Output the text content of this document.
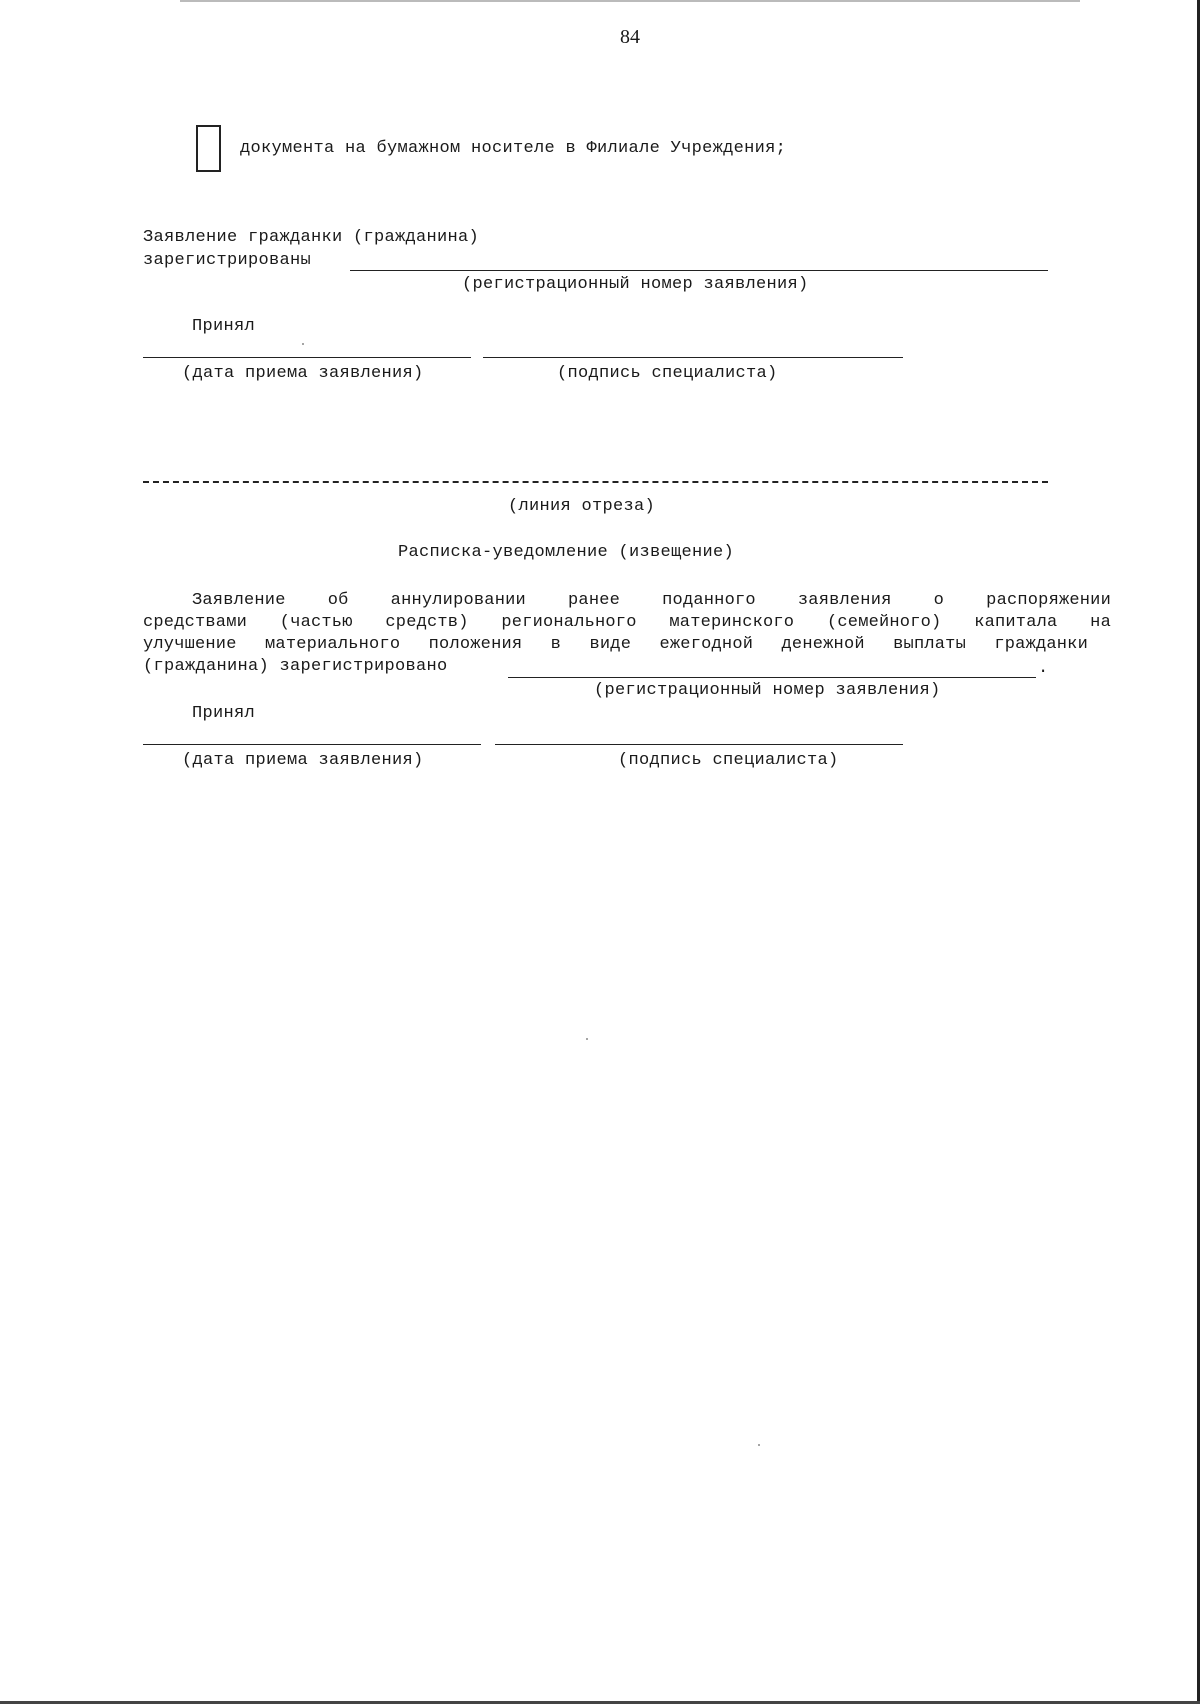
84
документа на бумажном носителе в Филиале Учреждения;
Заявление гражданки (гражданина)
зарегистрированы
(регистрационный номер заявления)
Принял
(дата приема заявления)	(подпись специалиста)
(линия отреза)
Расписка-уведомление (извещение)
Заявление об аннулировании ранее поданного заявления о распоряжении
средствами (частью средств) регионального материнского (семейного) капитала на
улучшение материального положения в виде ежегодной денежной выплаты гражданки
(гражданина) зарегистрировано	.
(регистрационный номер заявления)
Принял
(дата приема заявления)	(подпись специалиста)
